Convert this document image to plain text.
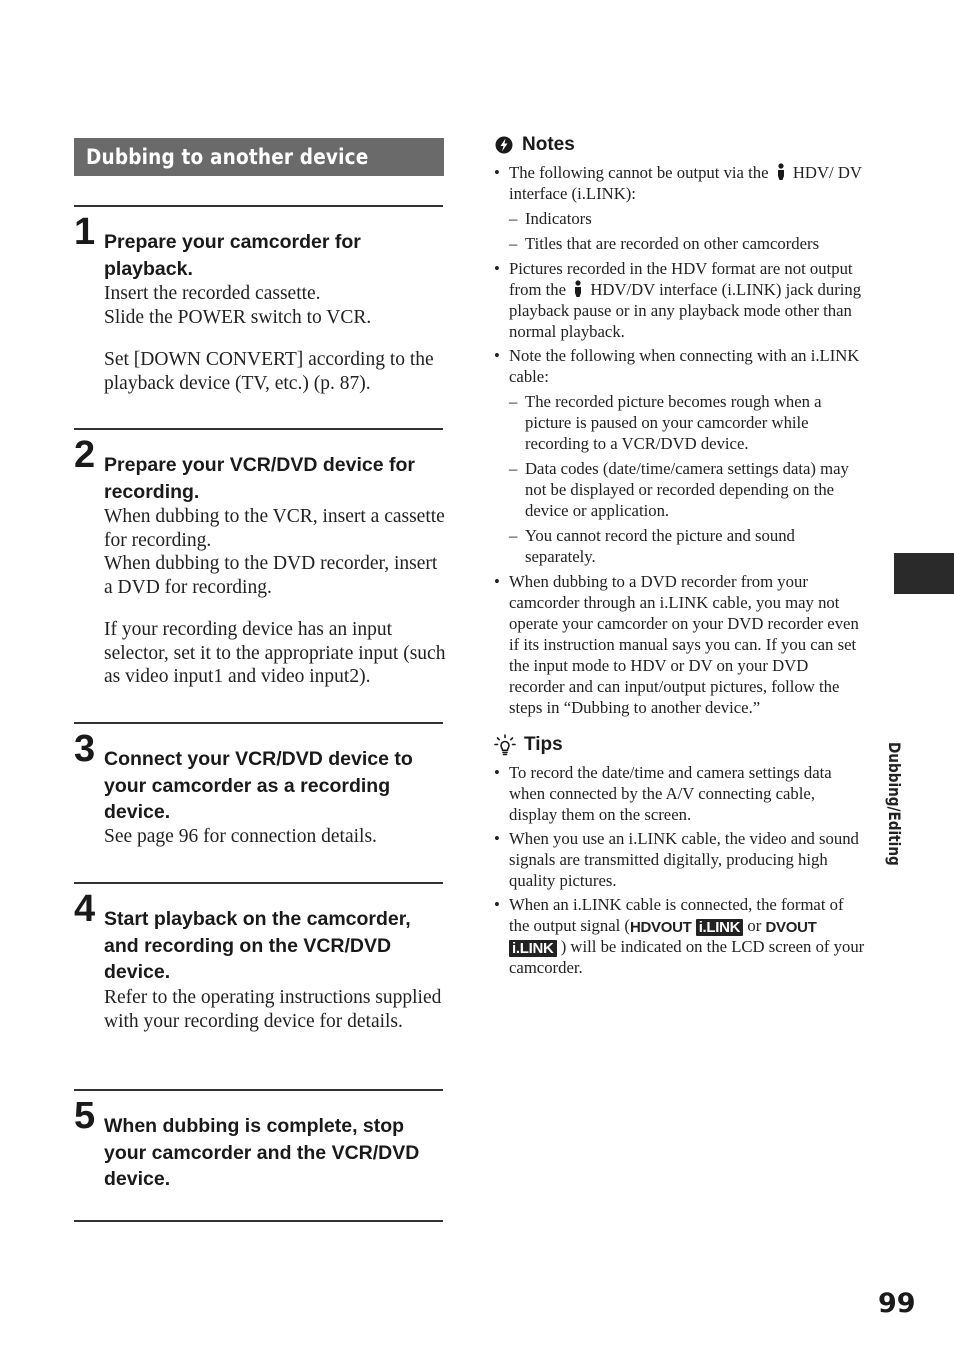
Dubbing to another device
1 Prepare your camcorder for playback.

Insert the recorded cassette.
Slide the POWER switch to VCR.

Set [DOWN CONVERT] according to the playback device (TV, etc.) (p. 87).

2 Prepare your VCR/DVD device for recording.

When dubbing to the VCR, insert a cassette for recording.
When dubbing to the DVD recorder, insert a DVD for recording.

If your recording device has an input selector, set it to the appropriate input (such as video input1 and video input2).

3 Connect your VCR/DVD device to your camcorder as a recording device.

See page 96 for connection details.

4 Start playback on the camcorder, and recording on the VCR/DVD device.

Refer to the operating instructions supplied with your recording device for details.

5 When dubbing is complete, stop your camcorder and the VCR/DVD device.
Notes
• The following cannot be output via the HDV/ DV interface (i.LINK):
– Indicators
– Titles that are recorded on other camcorders
• Pictures recorded in the HDV format are not output from the HDV/DV interface (i.LINK) jack during playback pause or in any playback mode other than normal playback.
• Note the following when connecting with an i.LINK cable:
– The recorded picture becomes rough when a picture is paused on your camcorder while recording to a VCR/DVD device.
– Data codes (date/time/camera settings data) may not be displayed or recorded depending on the device or application.
– You cannot record the picture and sound separately.
• When dubbing to a DVD recorder from your camcorder through an i.LINK cable, you may not operate your camcorder on your DVD recorder even if its instruction manual says you can. If you can set the input mode to HDV or DV on your DVD recorder and can input/output pictures, follow the steps in “Dubbing to another device.”
Tips
• To record the date/time and camera settings data when connected by the A/V connecting cable, display them on the screen.
• When you use an i.LINK cable, the video and sound signals are transmitted digitally, producing high quality pictures.
• When an i.LINK cable is connected, the format of the output signal (HDVOUT i.LINK or DVOUT i.LINK ) will be indicated on the LCD screen of your camcorder.
Dubbing/Editing
99
